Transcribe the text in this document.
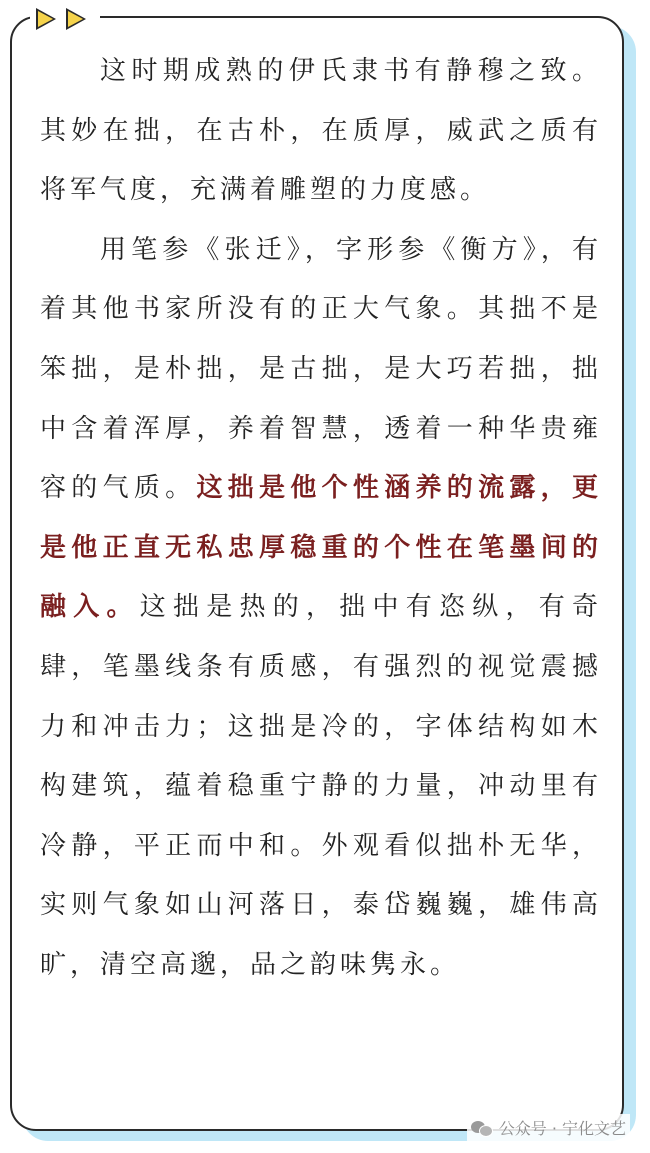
这时期成熟的伊氏隶书有静穆之致。其妙在拙，在古朴，在质厚，威武之质有将军气度，充满着雕塑的力度感。

用笔参《张迁》，字形参《衡方》，有着其他书家所没有的正大气象。其拙不是笨拙，是朴拙，是古拙，是大巧若拙，拙中含着浑厚，养着智慧，透着一种华贵雍容的气质。这拙是他个性涵养的流露，更是他正直无私忠厚稳重的个性在笔墨间的融入。这拙是热的，拙中有恣纵，有奇肆，笔墨线条有质感，有强烈的视觉震撼力和冲击力；这拙是冷的，字体结构如木构建筑，蕴着稳重宁静的力量，冲动里有冷静，平正而中和。外观看似拙朴无华，实则气象如山河落日，泰岱巍巍，雄伟高旷，清空高邈，品之韵味隽永。

公众号 · 宁化文艺
